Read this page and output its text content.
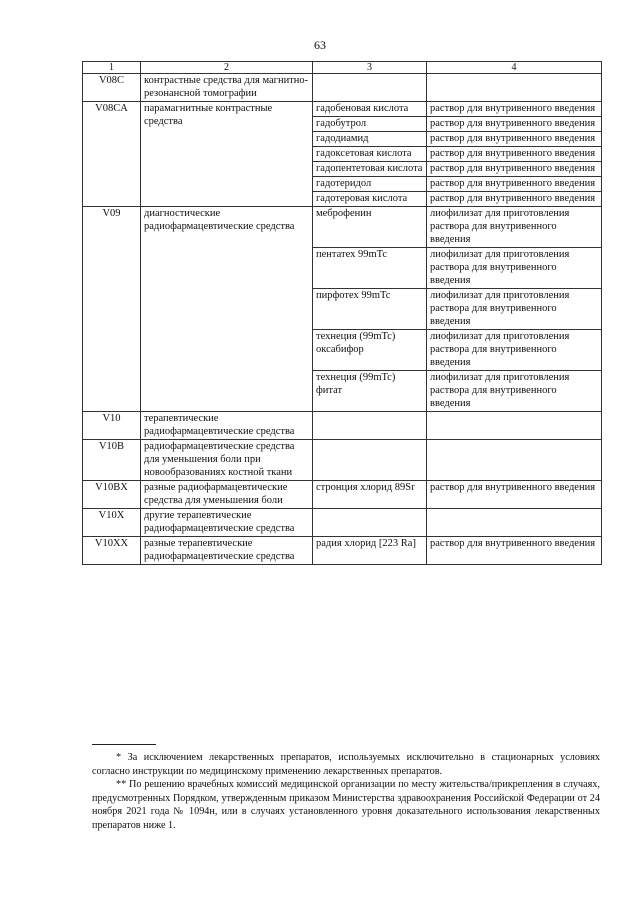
63
1	2	3	4
V08C	контрастные средства для магнитно-резонансной томографии		
V08CA	парамагнитные контрастные средства	гадобеновая кислота	раствор для внутривенного введения
		гадобутрол	раствор для внутривенного введения
		гадодиамид	раствор для внутривенного введения
		гадоксетовая кислота	раствор для внутривенного введения
		гадопентетовая кислота	раствор для внутривенного введения
		гадотеридол	раствор для внутривенного введения
		гадотеровая кислота	раствор для внутривенного введения
V09	диагностические радиофармацевтические средства	меброфенин	лиофилизат для приготовления раствора для внутривенного введения
		пентатех 99mTc	лиофилизат для приготовления раствора для внутривенного введения
		пирфотех 99mTc	лиофилизат для приготовления раствора для внутривенного введения
		технеция (99mTc) оксабифор	лиофилизат для приготовления раствора для внутривенного введения
		технеция (99mTc) фитат	лиофилизат для приготовления раствора для внутривенного введения
V10	терапевтические радиофармацевтические средства		
V10B	радиофармацевтические средства для уменьшения боли при новообразованиях костной ткани		
V10BX	разные радиофармацевтические средства для уменьшения боли	стронция хлорид 89Sr	раствор для внутривенного введения
V10X	другие терапевтические радиофармацевтические средства		
V10XX	разные терапевтические радиофармацевтические средства	радия хлорид [223 Ra]	раствор для внутривенного введения

* За исключением лекарственных препаратов, используемых исключительно в стационарных условиях согласно инструкции по медицинскому применению лекарственных препаратов.

** По решению врачебных комиссий медицинской организации по месту жительства/прикрепления в случаях, предусмотренных Порядком, утвержденным приказом Министерства здравоохранения Российской Федерации от 24 ноября 2021 года № 1094н, или в случаях установленного уровня доказательного использования лекарственных препаратов ниже 1.
